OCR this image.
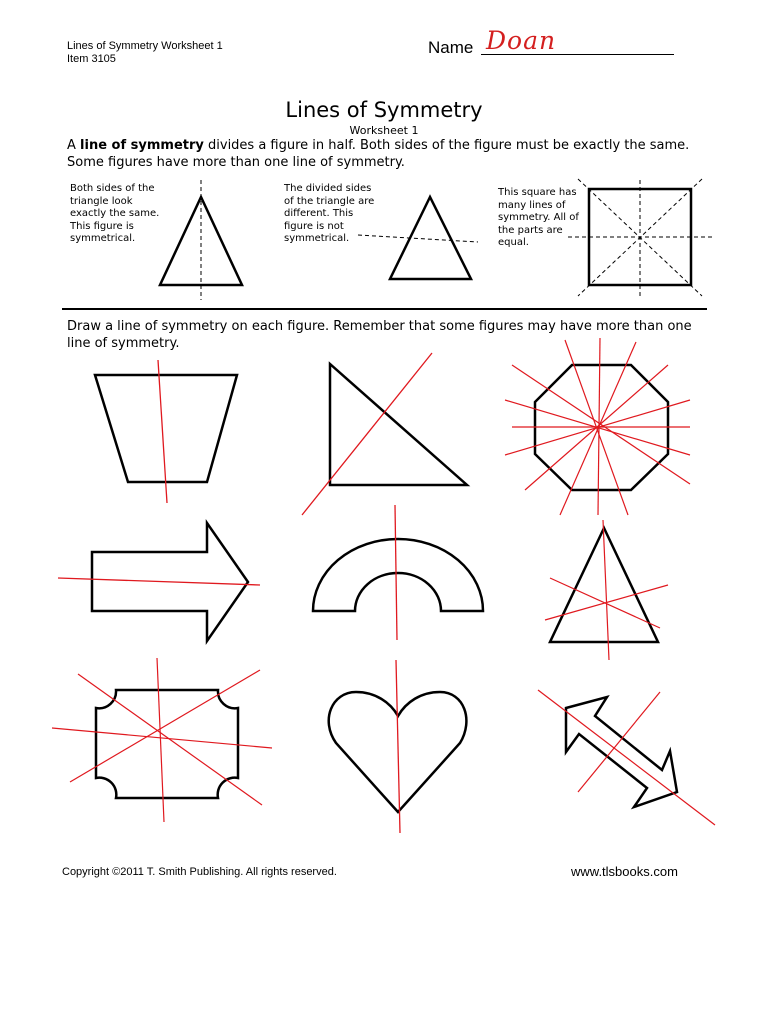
Lines of Symmetry Worksheet 1
Item 3105
Name Doan
Lines of Symmetry
Worksheet 1
A line of symmetry divides a figure in half. Both sides of the figure must be exactly the same. Some figures have more than one line of symmetry.
Both sides of the triangle look exactly the same. This figure is symmetrical.
The divided sides of the triangle are different. This figure is not symmetrical.
This square has many lines of symmetry. All of the parts are equal.
Draw a line of symmetry on each figure. Remember that some figures may have more than one line of symmetry.
Copyright ©2011 T. Smith Publishing. All rights reserved.	www.tlsbooks.com
